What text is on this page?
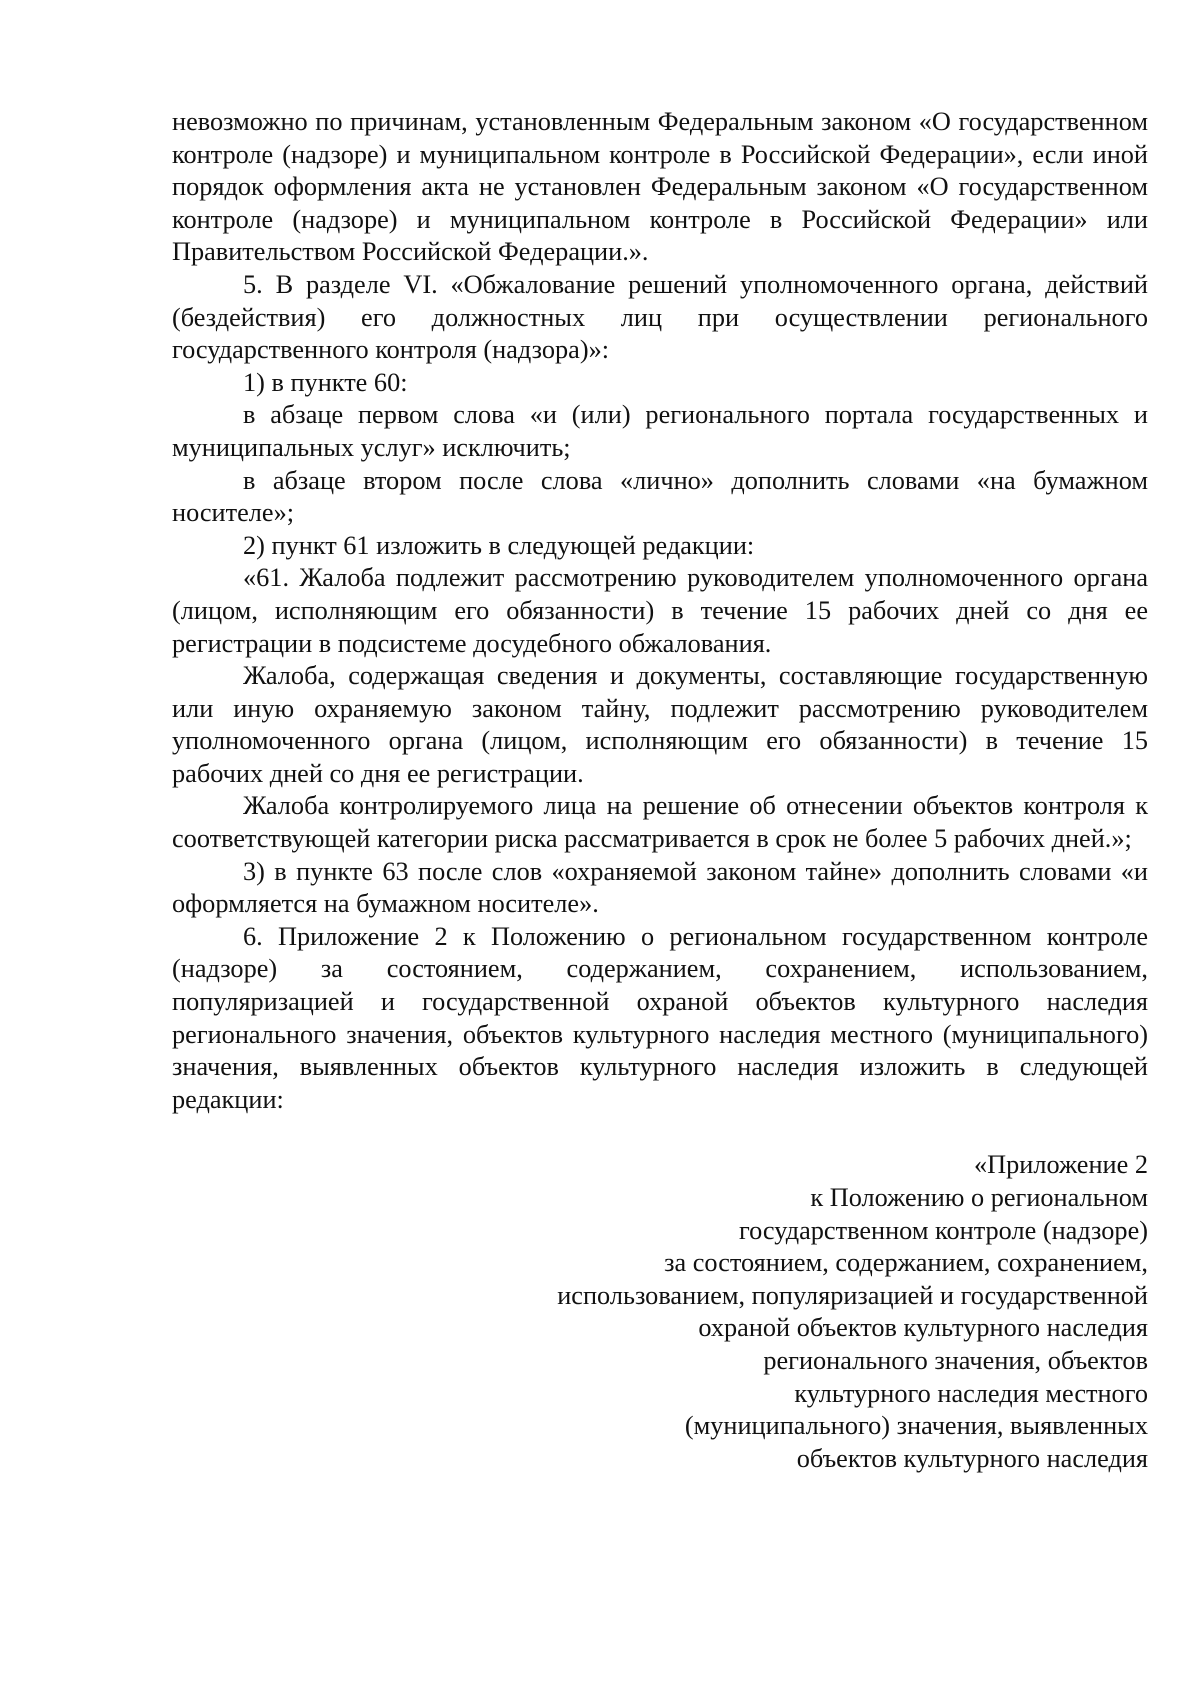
невозможно по причинам, установленным Федеральным законом «О государственном контроле (надзоре) и муниципальном контроле в Российской Федерации», если иной порядок оформления акта не установлен Федеральным законом «О государственном контроле (надзоре) и муниципальном контроле в Российской Федерации» или Правительством Российской Федерации.».

5. В разделе VI. «Обжалование решений уполномоченного органа, действий (бездействия) его должностных лиц при осуществлении регионального государственного контроля (надзора)»:

1) в пункте 60:

в абзаце первом слова «и (или) регионального портала государственных и муниципальных услуг» исключить;

в абзаце втором после слова «лично» дополнить словами «на бумажном носителе»;

2) пункт 61 изложить в следующей редакции:

«61. Жалоба подлежит рассмотрению руководителем уполномоченного органа (лицом, исполняющим его обязанности) в течение 15 рабочих дней со дня ее регистрации в подсистеме досудебного обжалования.

Жалоба, содержащая сведения и документы, составляющие государственную или иную охраняемую законом тайну, подлежит рассмотрению руководителем уполномоченного органа (лицом, исполняющим его обязанности) в течение 15 рабочих дней со дня ее регистрации.

Жалоба контролируемого лица на решение об отнесении объектов контроля к соответствующей категории риска рассматривается в срок не более 5 рабочих дней.»;

3) в пункте 63 после слов «охраняемой законом тайне» дополнить словами «и оформляется на бумажном носителе».

6. Приложение 2 к Положению о региональном государственном контроле (надзоре) за состоянием, содержанием, сохранением, использованием, популяризацией и государственной охраной объектов культурного наследия регионального значения, объектов культурного наследия местного (муниципального) значения, выявленных объектов культурного наследия изложить в следующей редакции:

«Приложение 2
к Положению о региональном
государственном контроле (надзоре)
за состоянием, содержанием, сохранением,
использованием, популяризацией и государственной
охраной объектов культурного наследия
регионального значения, объектов
культурного наследия местного
(муниципального) значения, выявленных
объектов культурного наследия
